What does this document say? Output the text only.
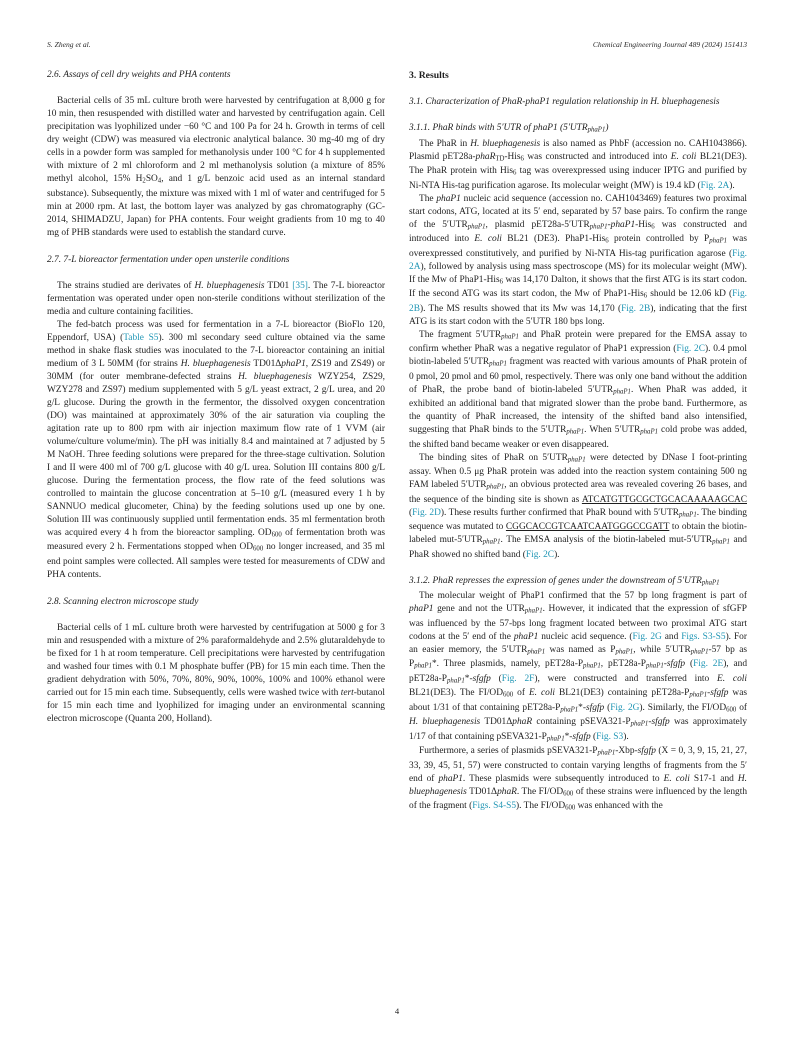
S. Zheng et al.	Chemical Engineering Journal 489 (2024) 151413
2.6. Assays of cell dry weights and PHA contents

Bacterial cells of 35 mL culture broth were harvested by centrifugation at 8,000 g for 10 min, then resuspended with distilled water and harvested by centrifugation again. Cell precipitation was lyophilized under −60 °C and 100 Pa for 24 h. Growth in terms of cell dry weight (CDW) was measured via electronic analytical balance. 30 mg-40 mg of dry cells in a powder form was sampled for methanolysis under 100 °C for 4 h supplemented with mixture of 2 ml chloroform and 2 ml methanolysis solution (a mixture of 85% methyl alcohol, 15% $H_2SO_4$, and 1 g/L benzoic acid used as an internal standard substance). Subsequently, the mixture was mixed with 1 ml of water and centrifuged for 5 min at 2000 rpm. At last, the bottom layer was analyzed by gas chromatography (GC-2014, SHIMADZU, Japan) for PHA contents. Four weight gradients from 10 mg to 40 mg of PHB standards were used to establish the standard curve.

2.7. 7-L bioreactor fermentation under open unsterile conditions

The strains studied are derivates of H. bluephagenesis TD01 [35]. The 7-L bioreactor fermentation was operated under open non-sterile conditions without sterilization of the media and culture containing facilities.

The fed-batch process was used for fermentation in a 7-L bioreactor (BioFlo 120, Eppendorf, USA) (Table S5). 300 ml secondary seed culture obtained via the same method in shake flask studies was inoculated to the 7-L bioreactor containing an initial medium of 3 L 50MM (for strains H. bluephagenesis TD01ΔphaP1, ZS19 and ZS49) or 30MM (for outer membrane-defected strains H. bluephagenesis WZY254, ZS29, WZY278 and ZS97) medium supplemented with 5 g/L yeast extract, 2 g/L urea, and 20 g/L glucose. During the growth in the fermentor, the dissolved oxygen concentration (DO) was maintained at approximately 30% of the air saturation via coupling the agitation rate up to 800 rpm with air injection maximum flow rate of 1 VVM (air volume/culture volume/min). The pH was initially 8.4 and maintained at 7 adjusted by 5 M NaOH. Three feeding solutions were prepared for the three-stage cultivation. Solution I and II were 400 ml of 700 g/L glucose with 40 g/L urea. Solution III contains 800 g/L glucose. During the fermentation process, the flow rate of the feed solutions was controlled to maintain the glucose concentration at 5–10 g/L (measured every 1 h by SANNUO medical glucometer, China) by the feeding solutions used up one by one. Solution III was continuously supplied until fermentation ends. 35 ml fermentation broth was acquired every 4 h from the bioreactor sampling. $OD_{600}$ of fermentation broth was measured every 2 h. Fermentations stopped when $OD_{600}$ no longer increased, and 35 ml end point samples were collected. All samples were tested for measurements of CDW and PHA contents.

2.8. Scanning electron microscope study

Bacterial cells of 1 mL culture broth were harvested by centrifugation at 5000 g for 3 min and resuspended with a mixture of 2% paraformaldehyde and 2.5% glutaraldehyde to be fixed for 1 h at room temperature. Cell precipitations were harvested by centrifugation and washed four times with 0.1 M phosphate buffer (PB) for 15 min each time. Then the gradient dehydration with 50%, 70%, 80%, 90%, 100%, 100% and 100% ethanol were carried out for 15 min each time. Subsequently, cells were washed twice with tert-butanol for 15 min each time and lyophilized for imaging under an environmental scanning electron microscope (Quanta 200, Holland).

3. Results
3.1. Characterization of PhaR-phaP1 regulation relationship in H. bluephagenesis
3.1.1. PhaR binds with 5′UTR of phaP1 $(5'UTR_{phaP1})$

The PhaR in H. bluephagenesis is also named as PhbF (accession no. CAH1043866). Plasmid pET28a-phaR$_{TD}$-His$_6$ was constructed and introduced into E. coli BL21(DE3). The PhaR protein with His$_6$ tag was overexpressed using inducer IPTG and purified by Ni-NTA His-tag purification agarose. Its molecular weight (MW) is 19.4 kD (Fig. 2A).

The phaP1 nucleic acid sequence (accession no. CAH1043469) features two proximal start codons, ATG, located at its 5′ end, separated by 57 base pairs. To confirm the range of the $5'UTR_{phaP1}$, plasmid $pET28a-5'UTR_{phaP1}-phaP1-His_6$ was constructed and introduced into E. coli BL21 (DE3). PhaP1-His$_6$ protein controlled by $P_{phaP1}$ was overexpressed constitutively, and purified by Ni-NTA His-tag purification agarose (Fig. 2A), followed by analysis using mass spectroscope (MS) for its molecular weight (MW). If the Mw of PhaP1-His$_6$ was 14,170 Dalton, it shows that the first ATG is its start codon. If the second ATG was its start codon, the Mw of PhaP1-His$_6$ should be 12.06 kD (Fig. 2B). The MS results showed that its Mw was 14,170 (Fig. 2B), indicating that the first ATG is its start codon with the 5′UTR 180 bps long.

The fragment $5'UTR_{phaP1}$ and PhaR protein were prepared for the EMSA assay to confirm whether PhaR was a negative regulator of PhaP1 expression (Fig. 2C). 0.4 pmol biotin-labeled $5'UTR_{phaP1}$ fragment was reacted with various amounts of PhaR protein of 0 pmol, 20 pmol and 60 pmol, respectively. There was only one band without the addition of PhaR, the probe band of biotin-labeled $5'UTR_{phaP1}$. When PhaR was added, it exhibited an additional band that migrated slower than the probe band. Furthermore, as the quantity of PhaR increased, the intensity of the shifted band also intensified, suggesting that PhaR binds to the $5'UTR_{phaP1}$. When $5'UTR_{phaP1}$ cold probe was added, the shifted band became weaker or even disappeared.

The binding sites of PhaR on $5'UTR_{phaP1}$ were detected by DNase I foot-printing assay. When 0.5 μg PhaR protein was added into the reaction system containing 500 ng FAM labeled $5'UTR_{phaP1}$, an obvious protected area was revealed covering 26 bases, and the sequence of the binding site is shown as ATCATGTTGCGCTGCACAAAAAGCAC (Fig. 2D). These results further confirmed that PhaR bound with $5'UTR_{phaP1}$. The binding sequence was mutated to CGGCACCGTCAATCAATGGGCCGATT to obtain the biotin-labeled mut-$5'UTR_{phaP1}$. The EMSA analysis of the biotin-labeled mut-$5'UTR_{phaP1}$ and PhaR showed no shifted band (Fig. 2C).

3.1.2. PhaR represses the expression of genes under the downstream of $5'UTR_{phaP1}$

The molecular weight of PhaP1 confirmed that the 57 bp long fragment is part of phaP1 gene and not the $UTR_{phaP1}$. However, it indicated that the expression of sfGFP was influenced by the 57-bps long fragment located between two proximal ATG start codons at the 5′ end of the phaP1 nucleic acid sequence. (Fig. 2G and Figs. S3-S5). For an easier memory, the $5'UTR_{phaP1}$ was named as $P_{phaP1}$, while $5'UTR_{phaP1}-57$ bp as $P_{phaP1}*$. Three plasmids, namely, $pET28a-P_{phaP1}$, $pET28a-P_{phaP1}$-sfgfp (Fig. 2E), and $pET28a-P_{phaP1}*$-sfgfp (Fig. 2F), were constructed and transferred into E. coli BL21(DE3). The $FI/OD_{600}$ of E. coli BL21(DE3) containing $pET28a-P_{phaP1}$-sfgfp was about 1/31 of that containing $pET28a-P_{phaP1}*$-sfgfp (Fig. 2G). Similarly, the $FI/OD_{600}$ of H. bluephagenesis TD01ΔphaR containing $pSEVA321-P_{phaP1}$-sfgfp was approximately 1/17 of that containing $pSEVA321-P_{phaP1}*$-sfgfp (Fig. S3).

Furthermore, a series of plasmids $pSEVA321-P_{phaP1}-Xbp$-sfgfp (X = 0, 3, 9, 15, 21, 27, 33, 39, 45, 51, 57) were constructed to contain varying lengths of fragments from the 5′ end of phaP1. These plasmids were subsequently introduced to E. coli S17-1 and H. bluephagenesis TD01ΔphaR. The $FI/OD_{600}$ of these strains were influenced by the length of the fragment (Figs. S4-S5). The $FI/OD_{600}$ was enhanced with the

4
